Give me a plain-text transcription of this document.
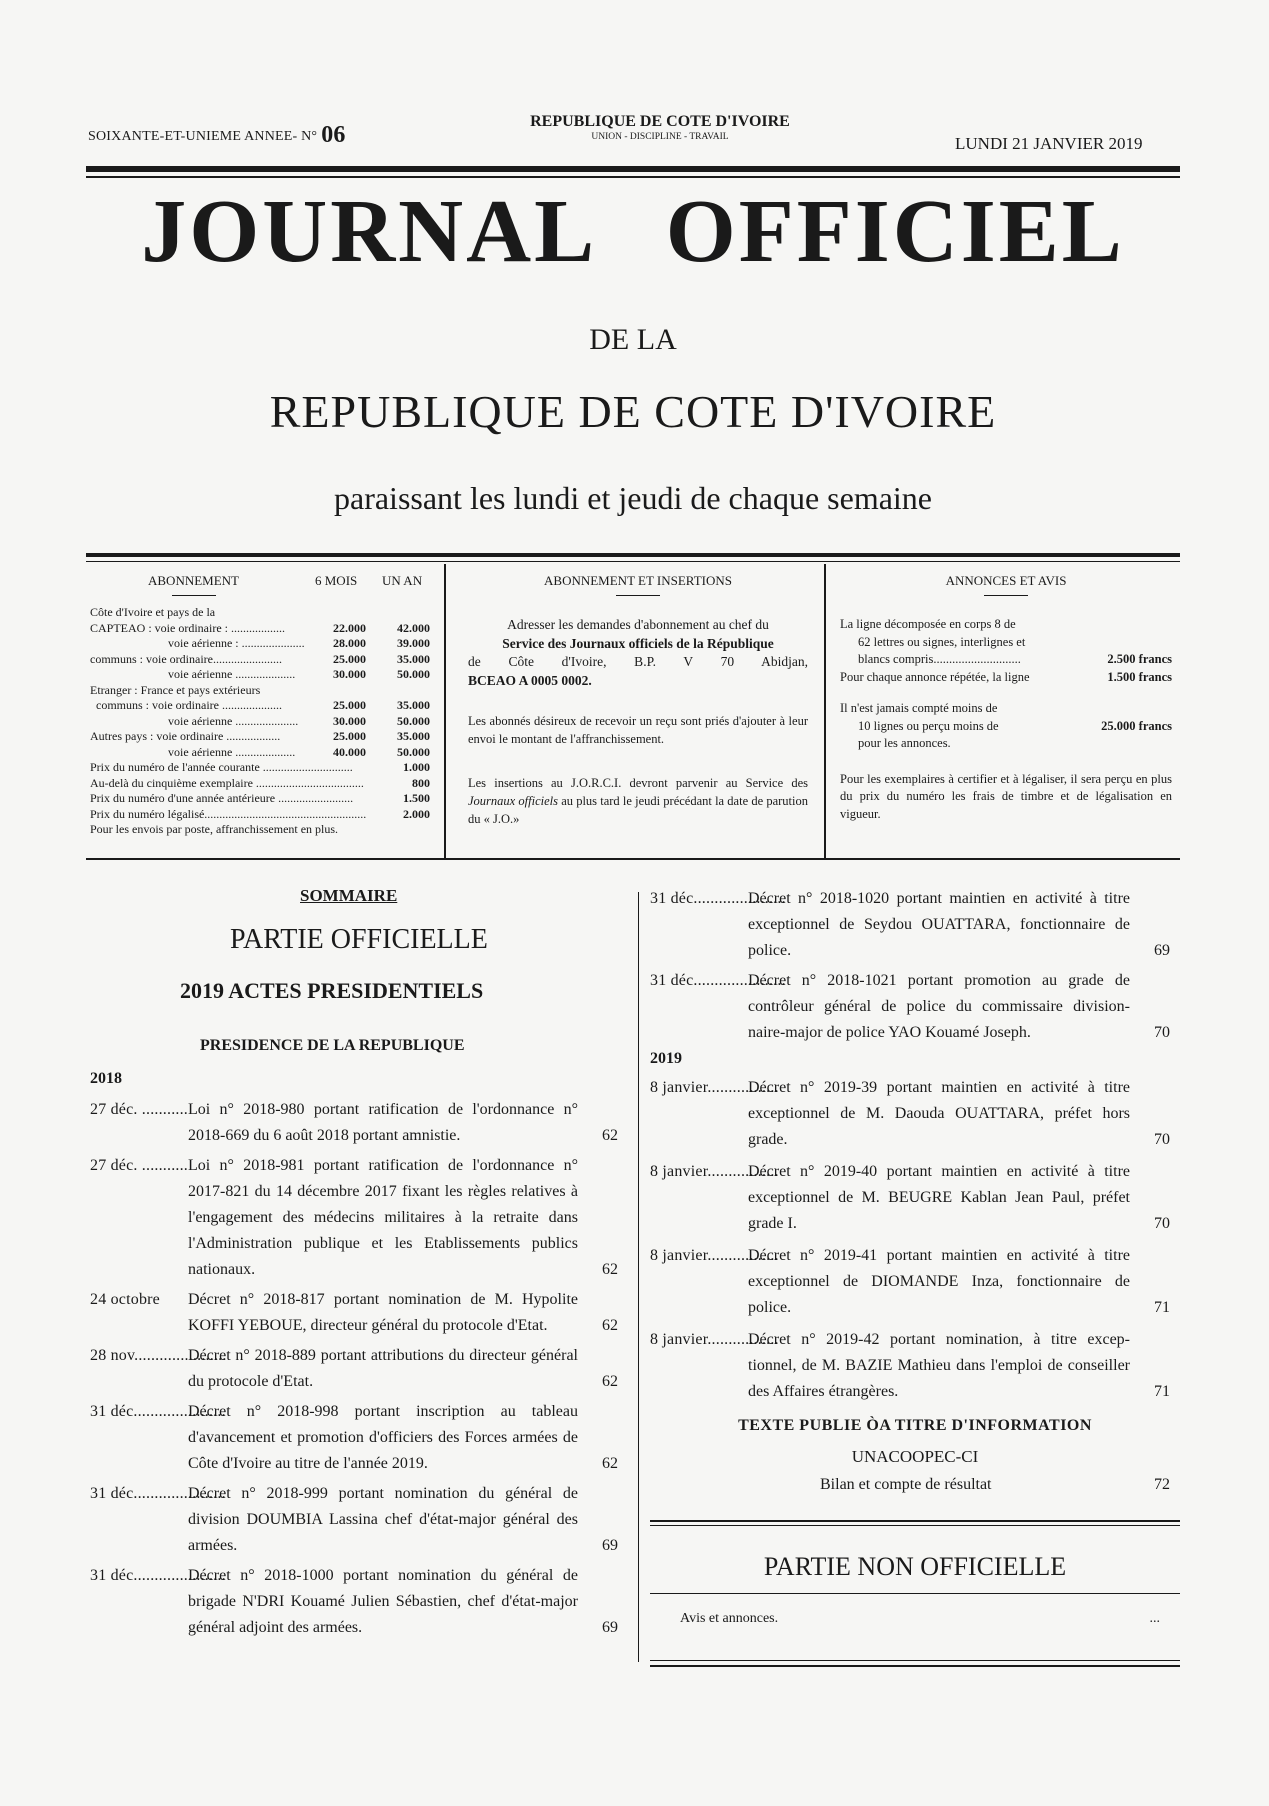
SOIXANTE-ET-UNIEME ANNEE- N° 06
REPUBLIQUE DE COTE D'IVOIRE
UNION - DISCIPLINE - TRAVAIL	LUNDI 21 JANVIER 2019
JOURNAL OFFICIEL
DE LA
REPUBLIQUE DE COTE D'IVOIRE
paraissant les lundi et jeudi de chaque semaine
ABONNEMENT	6 MOIS UN AN
Côte d'Ivoire et pays de la
CAPTEAO : voie ordinaire : ..................	22.000	42.000
voie aérienne : .....................	28.000	39.000
communs : voie ordinaire.......................	25.000	35.000
voie aérienne ....................	30.000	50.000
Etranger : France et pays extérieurs
communs : voie ordinaire ....................	25.000	35.000
voie aérienne .....................	30.000	50.000
Autres pays : voie ordinaire ..................	25.000	35.000
voie aérienne ....................	40.000	50.000
Prix du numéro de l'année courante ..............................	1.000
Au-delà du cinquième exemplaire ....................................	800
Prix du numéro d'une année antérieure .........................	1.500
Prix du numéro légalisé......................................................	2.000
Pour les envois par poste, affranchissement en plus.
ABONNEMENT ET INSERTIONS
Adresser les demandes d'abonnement au chef du
Service des Journaux officiels de la République
de Côte d'Ivoire, B.P. V 70 Abidjan,
BCEAO A 0005 0002.
Les abonnés désireux de recevoir un reçu sont priés d'ajouter à leur envoi le montant de l'affranchissement.
Les insertions au J.O.R.C.I. devront parvenir au Service des Journaux officiels au plus tard le jeudi précédant la date de parution du « J.O.»
ANNONCES ET AVIS
La ligne décomposée en corps 8 de
62 lettres ou signes, interlignes et
blancs compris............................	2.500 francs
Pour chaque annonce répétée, la ligne	1.500 francs
Il n'est jamais compté moins de
10 lignes ou perçu moins de	25.000 francs
pour les annonces.
Pour les exemplaires à certifier et à légaliser, il sera perçu en plus du prix du numéro les frais de timbre et de légalisation en vigueur.
SOMMAIRE
PARTIE OFFICIELLE
2019 ACTES PRESIDENTIELS
PRESIDENCE DE LA REPUBLIQUE
2018
27 déc. ........... Loi n° 2018-980 portant ratification de l'ordonnance n° 2018-669 du 6 août 2018 portant amnistie.	62
27 déc. ........... Loi n° 2018-981 portant ratification de l'ordonnance n° 2017-821 du 14 décembre 2017 fixant les règles relatives à l'engagement des médecins militaires à la retraite dans l'Administration publique et les Etablissements publics nationaux.	62
24 octobre	Décret n° 2018-817 portant nomination de M. Hypolite KOFFI YEBOUE, directeur général du protocole d'Etat.	62
28 nov......................
Décret n° 2018-889 portant attributions du directeur général du protocole d'Etat.	62
31 déc......................
Décret n° 2018-998 portant inscription au tableau d'avancement et promotion d'officiers des Forces armées de Côte d'Ivoire au titre de l'année 2019.	62
31 déc......................
Décret n° 2018-999 portant nomination du général de division DOUMBIA Lassina chef d'état-major général des armées.	69
31 déc......................
Décret n° 2018-1000 portant nomination du général de brigade N'DRI Kouamé Julien Sébastien, chef d'état-major général adjoint des armées.	69
31 déc......................
Décret n° 2018-1020 portant maintien en activité à titre exceptionnel de Seydou OUATTARA, fonctionnaire de police.	69
31 déc......................
Décret n° 2018-1021 portant promotion au grade de contrôleur général de police du commissaire division-naire-major de police YAO Kouamé Joseph.	70
2019
8 janvier.................
Décret n° 2019-39 portant maintien en activité à titre exceptionnel de M. Daouda OUATTARA, préfet hors grade.	70
8 janvier.................
Décret n° 2019-40 portant maintien en activité à titre exceptionnel de M. BEUGRE Kablan Jean Paul, préfet grade I.	70
8 janvier.................
Décret n° 2019-41 portant maintien en activité à titre exceptionnel de DIOMANDE Inza, fonctionnaire de police.	71
8 janvier.................
Décret n° 2019-42 portant nomination, à titre excep-tionnel, de M. BAZIE Mathieu dans l'emploi de conseiller des Affaires étrangères.	71
TEXTE PUBLIE ÒA TITRE D'INFORMATION
UNACOOPEC-CI
Bilan et compte de résultat	72
PARTIE NON OFFICIELLE
Avis et annonces.	...
